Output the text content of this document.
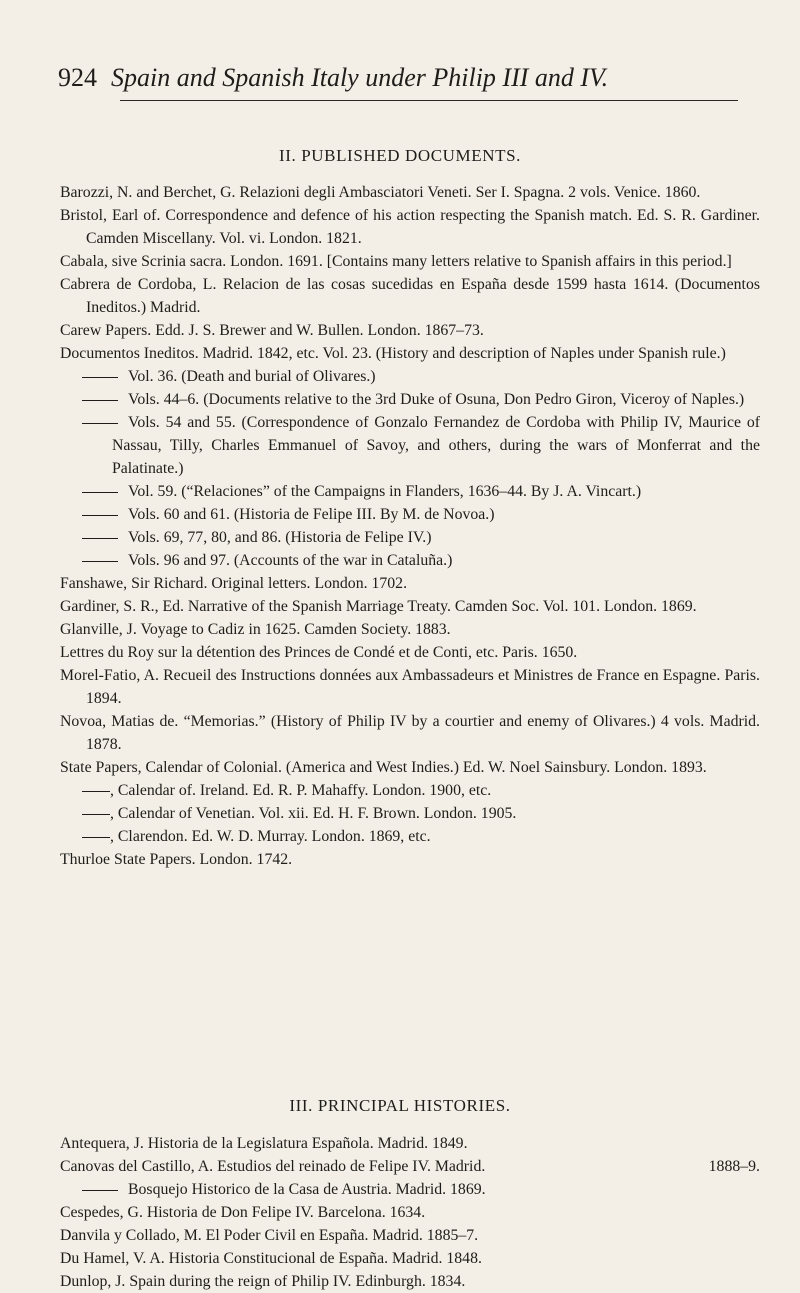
924 Spain and Spanish Italy under Philip III and IV.
II. PUBLISHED DOCUMENTS.
Barozzi, N. and Berchet, G. Relazioni degli Ambasciatori Veneti. Ser I. Spagna. 2 vols. Venice. 1860.
Bristol, Earl of. Correspondence and defence of his action respecting the Spanish match. Ed. S. R. Gardiner. Camden Miscellany. Vol. vi. London. 1821.
Cabala, sive Scrinia sacra. London. 1691. [Contains many letters relative to Spanish affairs in this period.]
Cabrera de Cordoba, L. Relacion de las cosas sucedidas en España desde 1599 hasta 1614. (Documentos Ineditos.) Madrid.
Carew Papers. Edd. J. S. Brewer and W. Bullen. London. 1867–73.
Documentos Ineditos. Madrid. 1842, etc. Vol. 23. (History and description of Naples under Spanish rule.)
Vol. 36. (Death and burial of Olivares.)
Vols. 44–6. (Documents relative to the 3rd Duke of Osuna, Don Pedro Giron, Viceroy of Naples.)
Vols. 54 and 55. (Correspondence of Gonzalo Fernandez de Cordoba with Philip IV, Maurice of Nassau, Tilly, Charles Emmanuel of Savoy, and others, during the wars of Monferrat and the Palatinate.)
Vol. 59. (“Relaciones” of the Campaigns in Flanders, 1636–44. By J. A. Vincart.)
Vols. 60 and 61. (Historia de Felipe III. By M. de Novoa.)
Vols. 69, 77, 80, and 86. (Historia de Felipe IV.)
Vols. 96 and 97. (Accounts of the war in Cataluña.)
Fanshawe, Sir Richard. Original letters. London. 1702.
Gardiner, S. R., Ed. Narrative of the Spanish Marriage Treaty. Camden Soc. Vol. 101. London. 1869.
Glanville, J. Voyage to Cadiz in 1625. Camden Society. 1883.
Lettres du Roy sur la détention des Princes de Condé et de Conti, etc. Paris. 1650.
Morel-Fatio, A. Recueil des Instructions données aux Ambassadeurs et Ministres de France en Espagne. Paris. 1894.
Novoa, Matias de. “Memorias.” (History of Philip IV by a courtier and enemy of Olivares.) 4 vols. Madrid. 1878.
State Papers, Calendar of Colonial. (America and West Indies.) Ed. W. Noel Sainsbury. London. 1893.
, Calendar of. Ireland. Ed. R. P. Mahaffy. London. 1900, etc.
, Calendar of Venetian. Vol. xii. Ed. H. F. Brown. London. 1905.
, Clarendon. Ed. W. D. Murray. London. 1869, etc.
Thurloe State Papers. London. 1742.
III. PRINCIPAL HISTORIES.
Antequera, J. Historia de la Legislatura Española. Madrid. 1849.
1888–9.
Canovas del Castillo, A. Estudios del reinado de Felipe IV. Madrid.
Bosquejo Historico de la Casa de Austria. Madrid. 1869.
Cespedes, G. Historia de Don Felipe IV. Barcelona. 1634.
Danvila y Collado, M. El Poder Civil en España. Madrid. 1885–7.
Du Hamel, V. A. Historia Constitucional de España. Madrid. 1848.
Dunlop, J. Spain during the reign of Philip IV. Edinburgh. 1834.
